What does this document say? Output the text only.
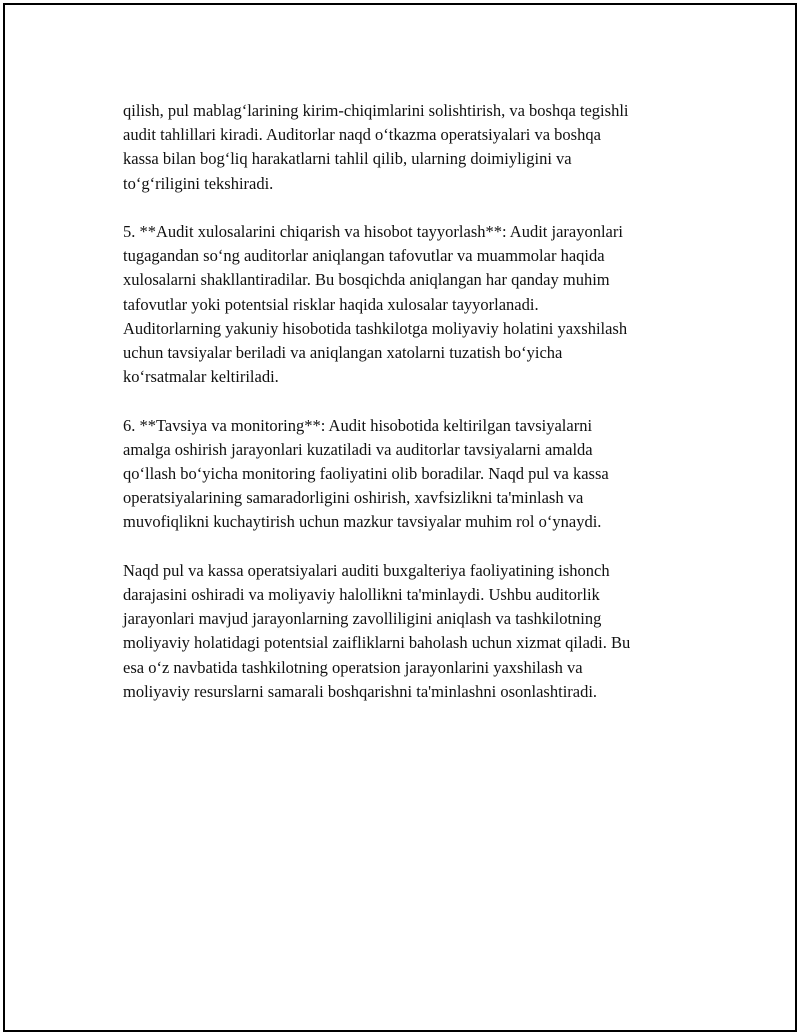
qilish, pul mablag‘larining kirim-chiqimlarini solishtirish, va boshqa tegishli
audit tahlillari kiradi. Auditorlar naqd o‘tkazma operatsiyalari va boshqa
kassa bilan bog‘liq harakatlarni tahlil qilib, ularning doimiyligini va
to‘g‘riligini tekshiradi.

5. **Audit xulosalarini chiqarish va hisobot tayyorlash**: Audit jarayonlari
tugagandan so‘ng auditorlar aniqlangan tafovutlar va muammolar haqida
xulosalarni shakllantiradilar. Bu bosqichda aniqlangan har qanday muhim
tafovutlar yoki potentsial risklar haqida xulosalar tayyorlanadi.
Auditorlarning yakuniy hisobotida tashkilotga moliyaviy holatini yaxshilash
uchun tavsiyalar beriladi va aniqlangan xatolarni tuzatish bo‘yicha
ko‘rsatmalar keltiriladi.

6. **Tavsiya va monitoring**: Audit hisobotida keltirilgan tavsiyalarni
amalga oshirish jarayonlari kuzatiladi va auditorlar tavsiyalarni amalda
qo‘llash bo‘yicha monitoring faoliyatini olib boradilar. Naqd pul va kassa
operatsiyalarining samaradorligini oshirish, xavfsizlikni ta'minlash va
muvofiqlikni kuchaytirish uchun mazkur tavsiyalar muhim rol o‘ynaydi.

Naqd pul va kassa operatsiyalari auditi buxgalteriya faoliyatining ishonch
darajasini oshiradi va moliyaviy halollikni ta'minlaydi. Ushbu auditorlik
jarayonlari mavjud jarayonlarning zavolliligini aniqlash va tashkilotning
moliyaviy holatidagi potentsial zaifliklarni baholash uchun xizmat qiladi. Bu
esa o‘z navbatida tashkilotning operatsion jarayonlarini yaxshilash va
moliyaviy resurslarni samarali boshqarishni ta'minlashni osonlashtiradi.
